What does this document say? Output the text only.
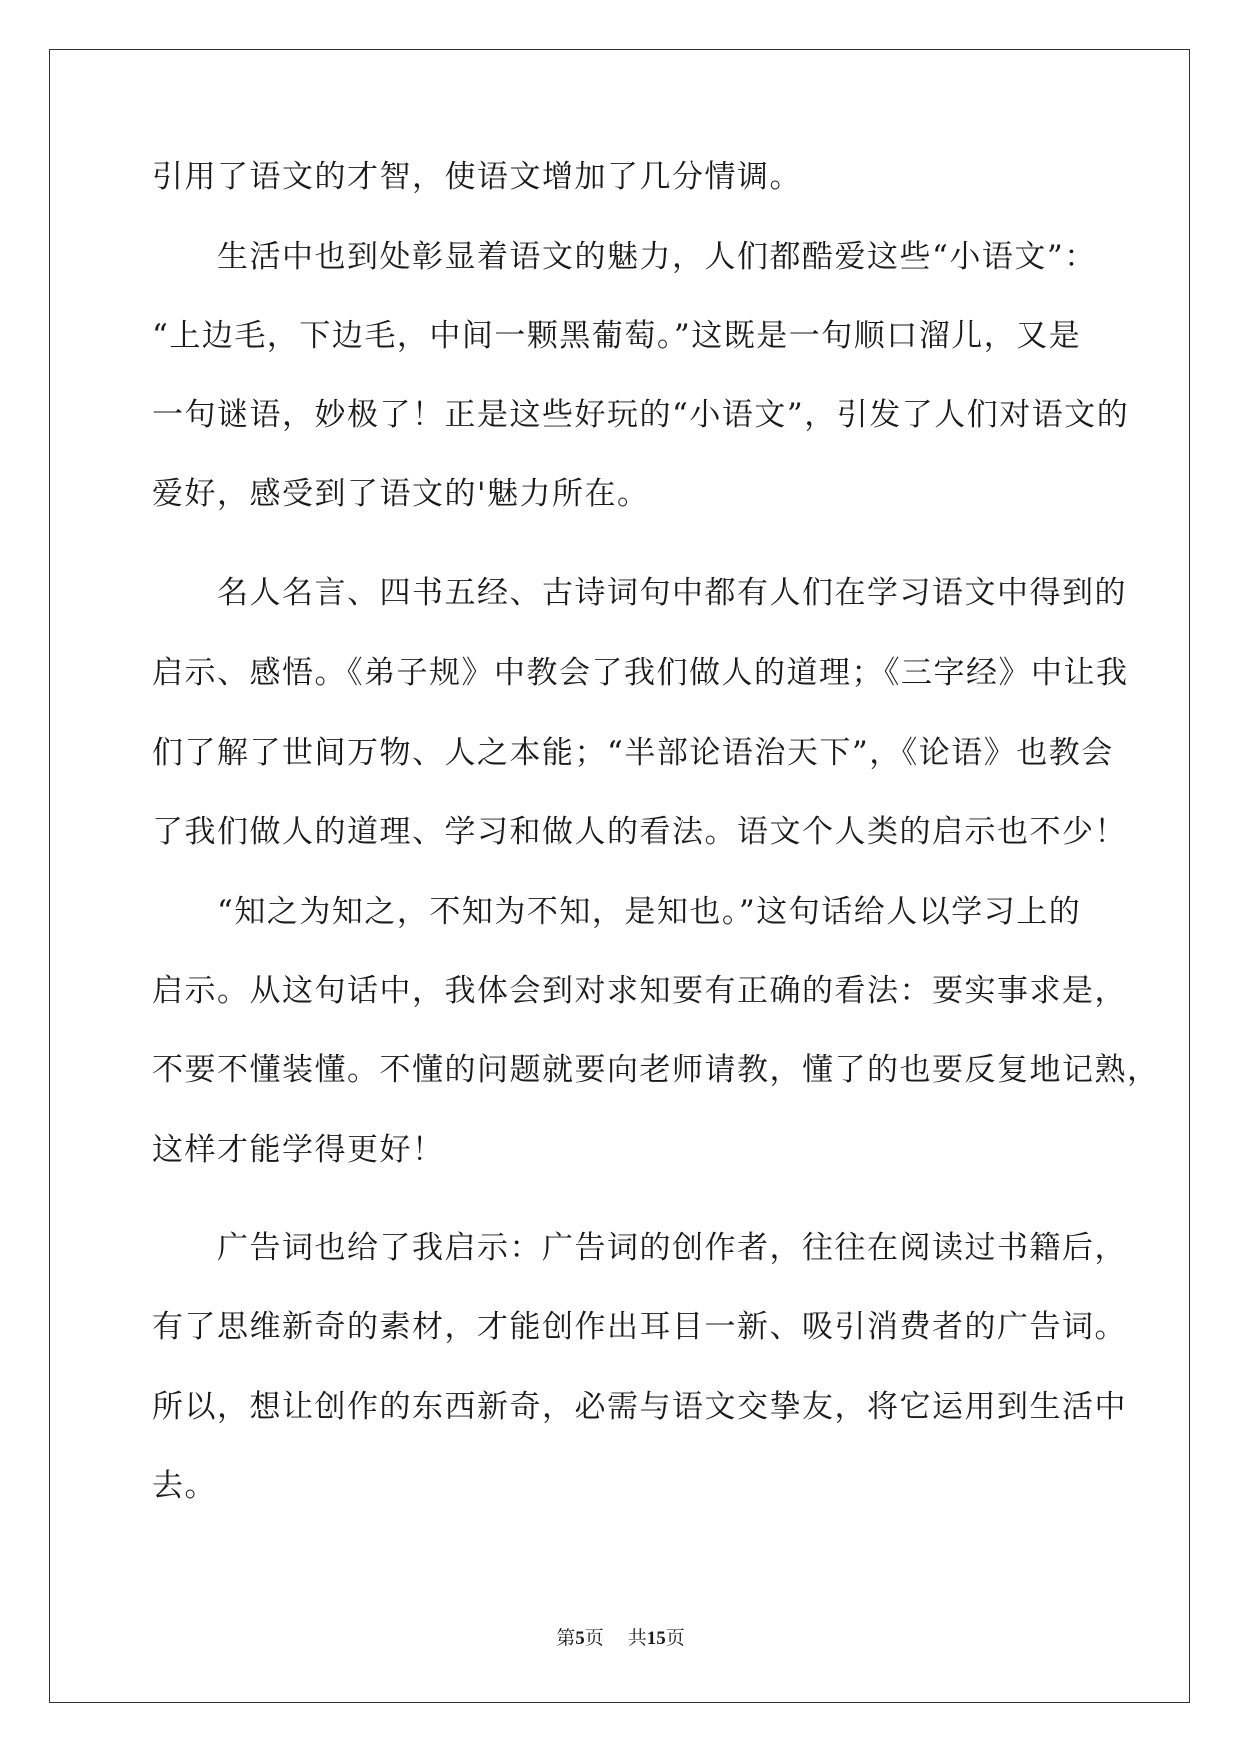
引用了语文的才智，使语文增加了几分情调。
　　生活中也到处彰显着语文的魅力，人们都酷爱这些“小语文”：
“上边毛，下边毛，中间一颗黑葡萄。”这既是一句顺口溜儿，又是
一句谜语，妙极了！正是这些好玩的“小语文”，引发了人们对语文的
爱好，感受到了语文的'魅力所在。
　　名人名言、四书五经、古诗词句中都有人们在学习语文中得到的
启示、感悟。《弟子规》中教会了我们做人的道理；《三字经》中让我
们了解了世间万物、人之本能；“半部论语治天下”，《论语》也教会
了我们做人的道理、学习和做人的看法。语文个人类的启示也不少！
　　“知之为知之，不知为不知，是知也。”这句话给人以学习上的
启示。从这句话中，我体会到对求知要有正确的看法：要实事求是，
不要不懂装懂。不懂的问题就要向老师请教，懂了的也要反复地记熟，
这样才能学得更好！
　　广告词也给了我启示：广告词的创作者，往往在阅读过书籍后，
有了思维新奇的素材，才能创作出耳目一新、吸引消费者的广告词。
所以，想让创作的东西新奇，必需与语文交挚友，将它运用到生活中
去。
第5页 共15页
